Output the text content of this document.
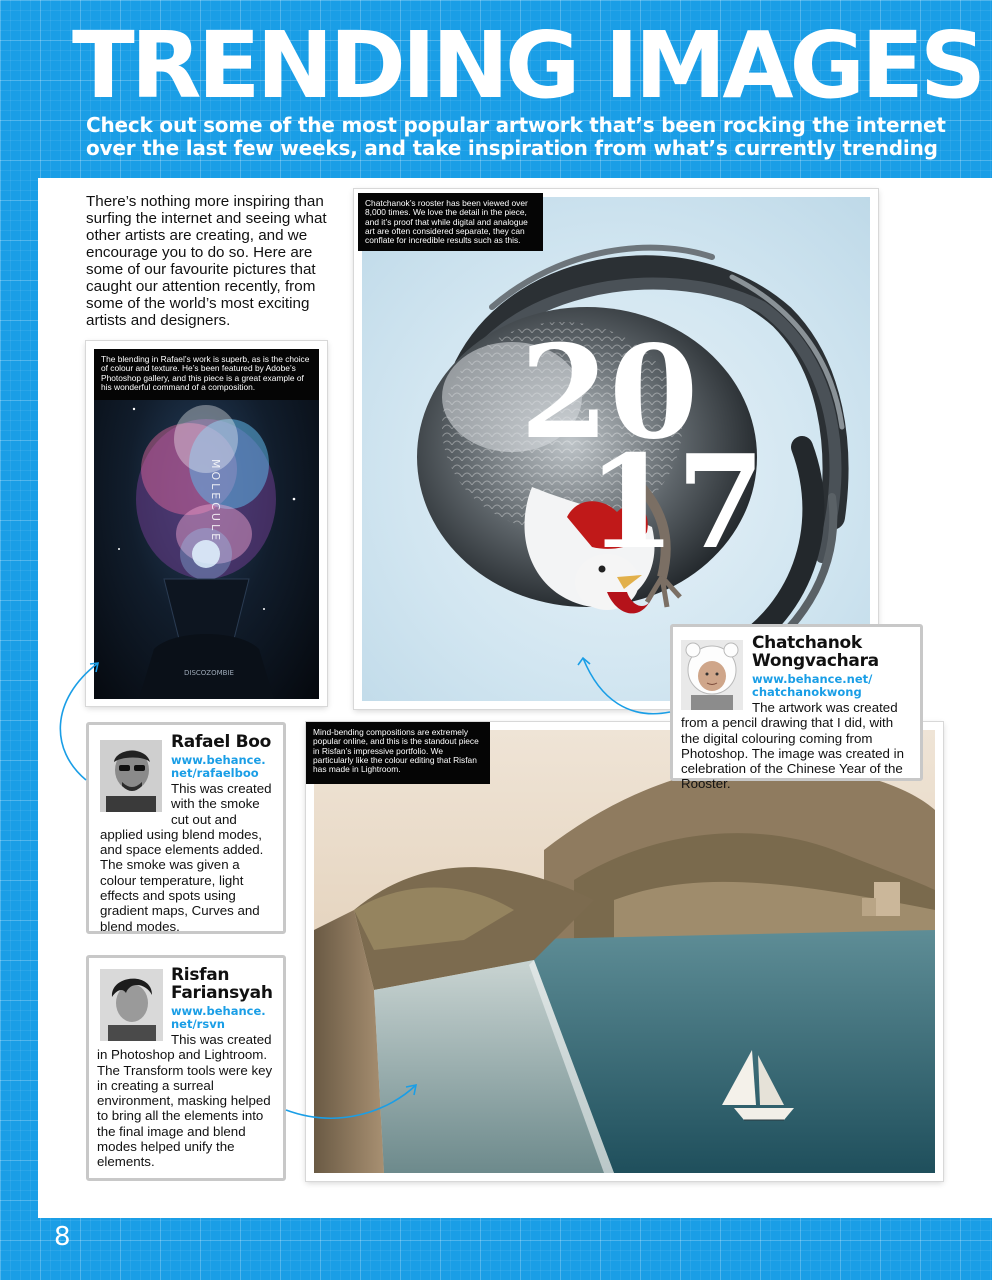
TRENDING IMAGES
Check out some of the most popular artwork that’s been rocking the internet
over the last few weeks, and take inspiration from what’s currently trending
There’s nothing more inspiring than surfing the internet and seeing what other artists are creating, and we encourage you to do so. Here are some of our favourite pictures that caught our attention recently, from some of the world’s most exciting artists and designers.	20
17
Chatchanok’s rooster has been viewed over 8,000 times. We love the detail in the piece, and it’s proof that while digital and analogue art are often considered separate, they can conflate for incredible results such as this.
MOLECULE
DISCOZOMBIE
The blending in Rafael’s work is superb, as is the choice of colour and texture. He’s been featured by Adobe’s Photoshop gallery, and this piece is a great example of his wonderful command of a composition.
Mind-bending compositions are extremely popular online, and this is the standout piece in Risfan’s impressive portfolio. We particularly like the colour editing that Risfan has made in Lightroom.
Chatchanok
Wongvachara
www.behance.net/
chatchanokwong
The artwork was created from a pencil drawing that I did, with the digital colouring coming from Photoshop. The image was created in celebration of the Chinese Year of the Rooster.
Rafael Boo
www.behance.
net/rafaelboo
This was created with the smoke cut out and applied using blend modes, and space elements added. The smoke was given a colour temperature, light effects and spots using gradient maps, Curves and blend modes.
Risfan
Fariansyah
www.behance.
net/rsvn
This was created in Photoshop and Lightroom. The Transform tools were key in creating a surreal environment, masking helped to bring all the elements into the final image and blend modes helped unify the elements.
8
